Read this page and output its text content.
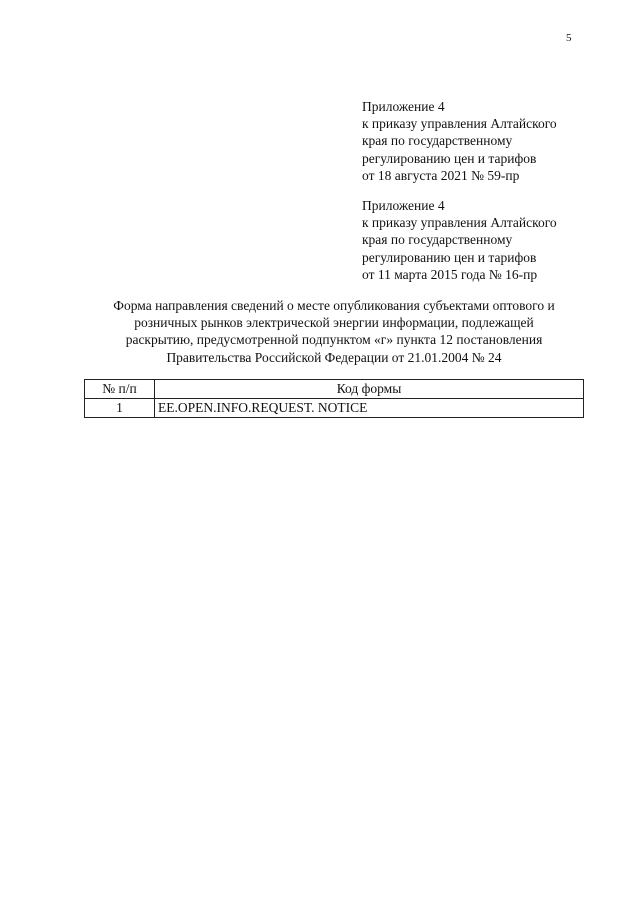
5
Приложение 4
к приказу управления Алтайского
края по государственному
регулированию цен и тарифов
от 18 августа 2021 № 59-пр
Приложение 4
к приказу управления Алтайского
края по государственному
регулированию цен и тарифов
от 11 марта 2015 года № 16-пр
Форма направления сведений о месте опубликования субъектами оптового и
розничных рынков электрической энергии информации, подлежащей
раскрытию, предусмотренной подпунктом «г» пункта 12 постановления
Правительства Российской Федерации от 21.01.2004 № 24
№ п/п	Код формы
1	EE.OPEN.INFO.REQUEST. NOTICE
